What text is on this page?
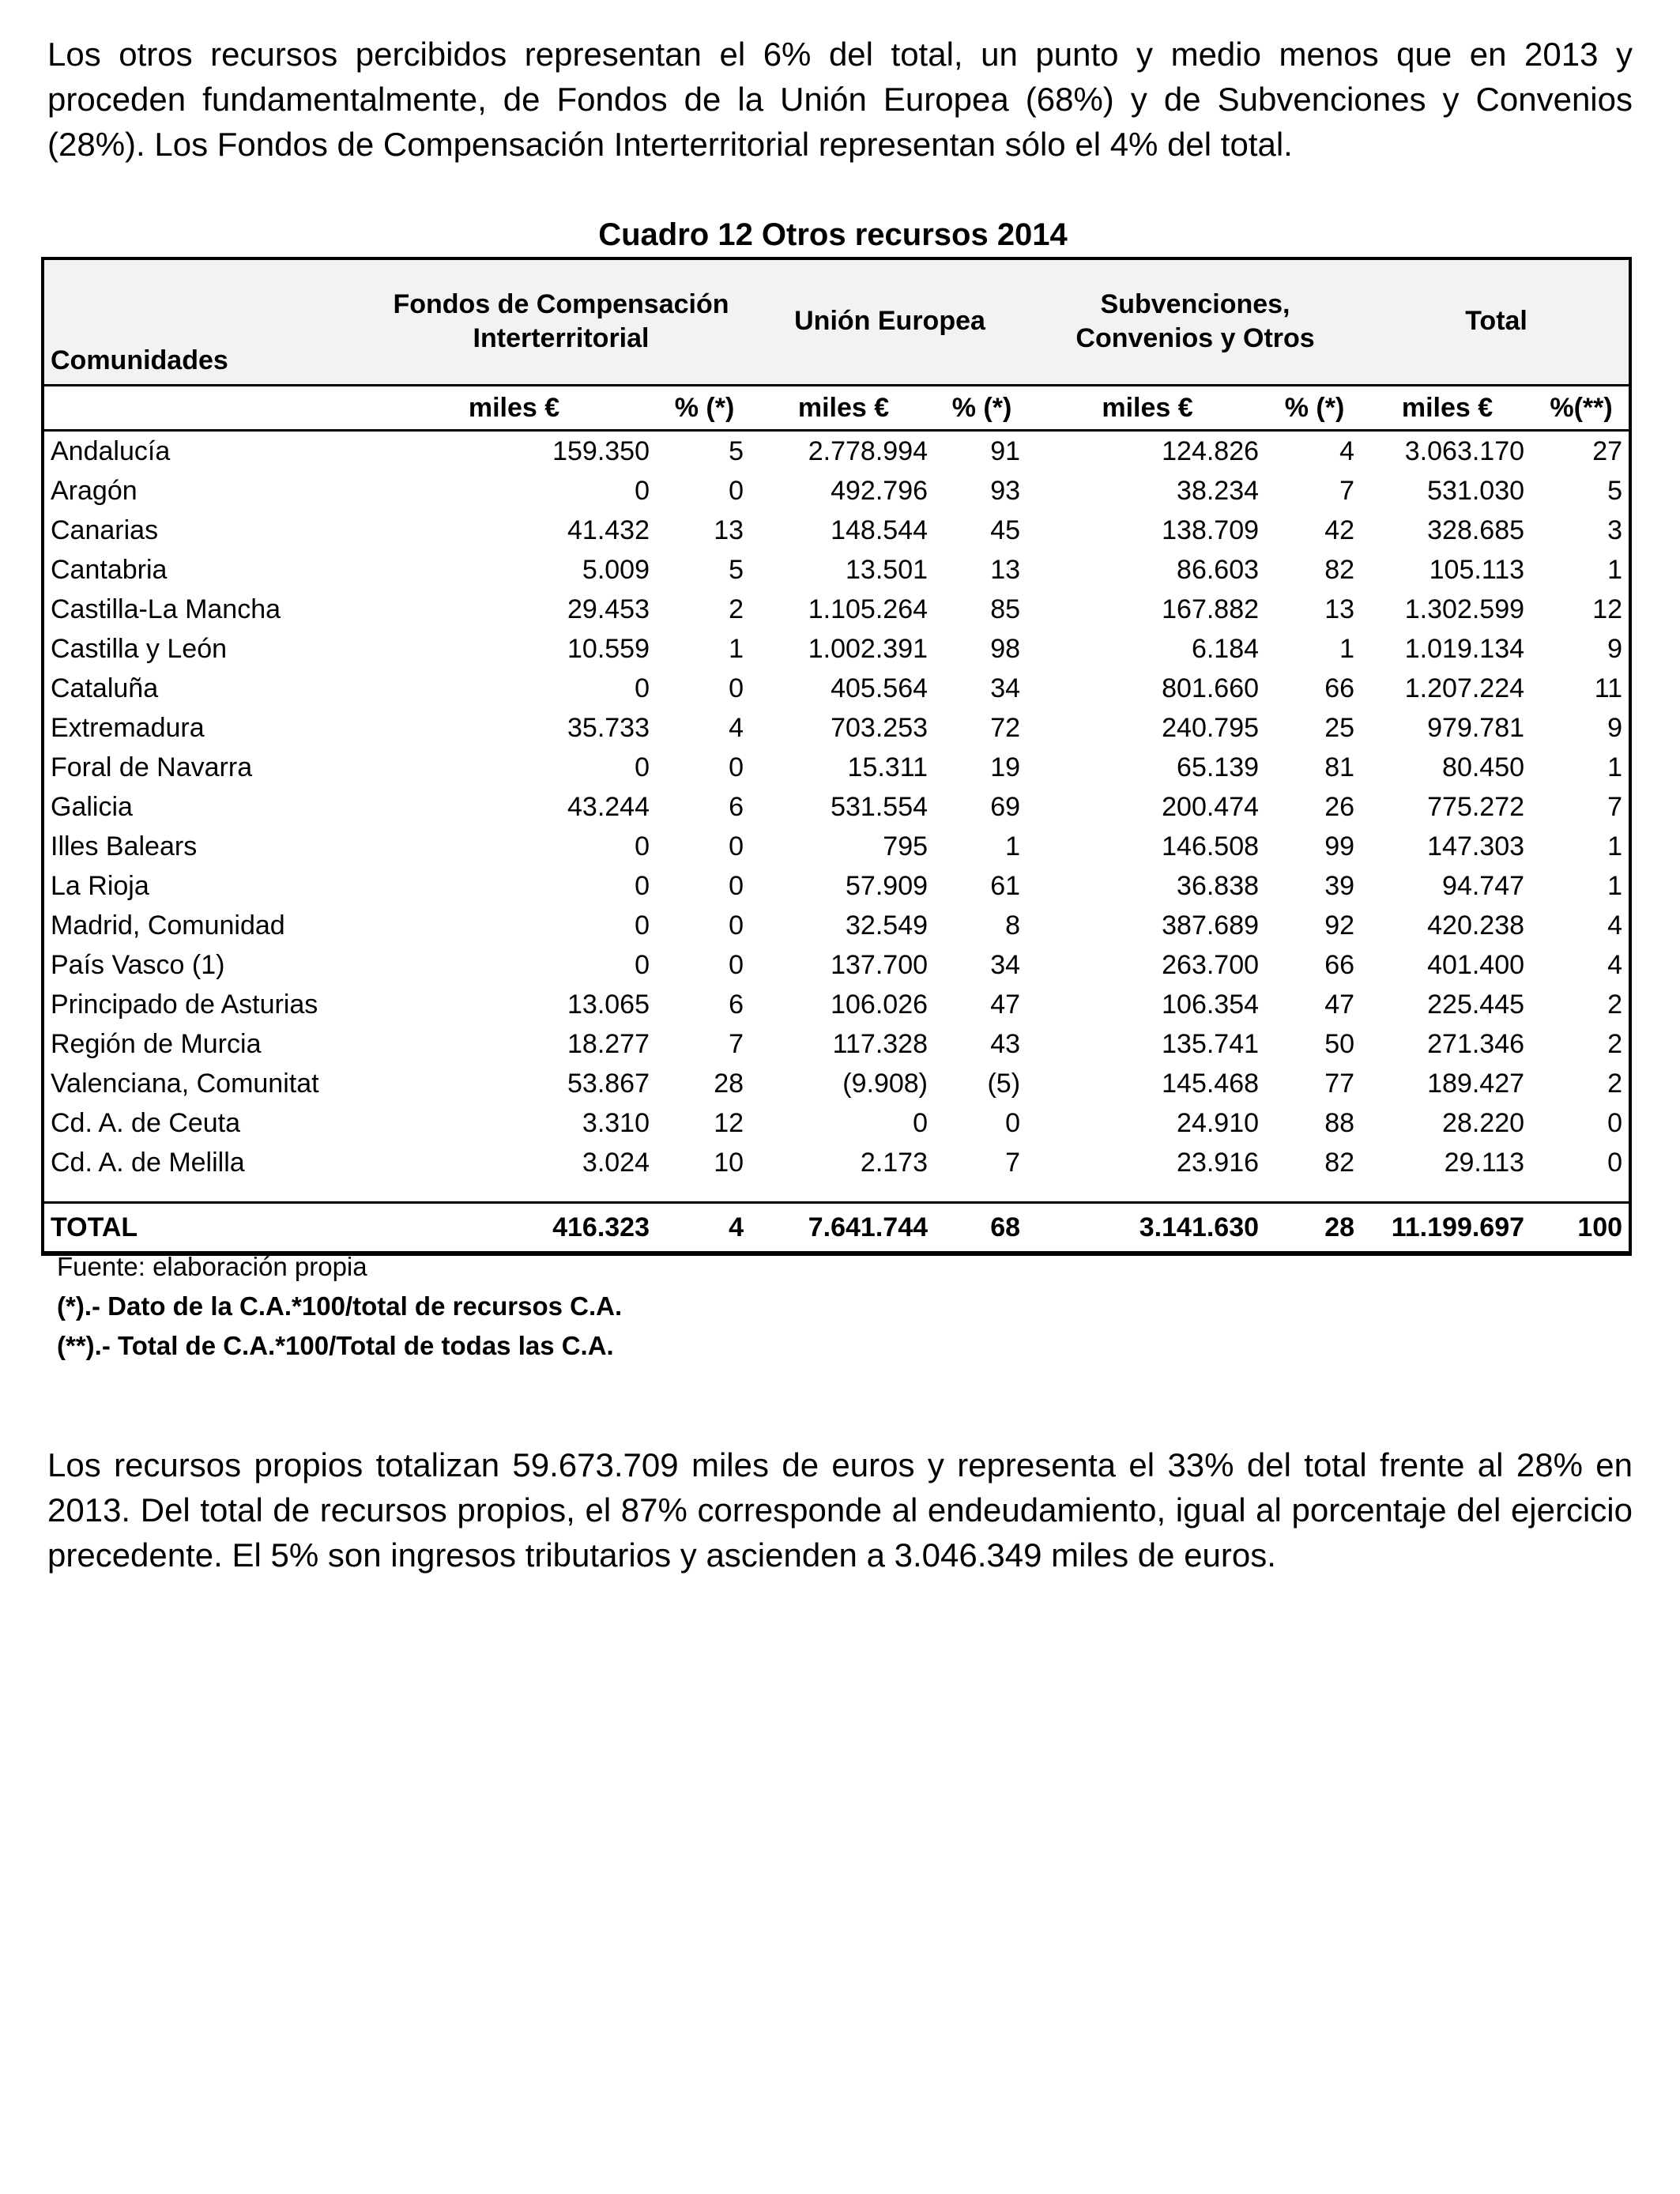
Los otros recursos percibidos representan el 6% del total, un punto y medio menos que en 2013 y proceden fundamentalmente, de Fondos de la Unión Europea (68%) y de Subvenciones y Convenios (28%). Los Fondos de Compensación Interterritorial representan sólo el 4% del total.

Cuadro 12 Otros recursos 2014
Comunidades	Fondos de Compensación Interterritorial		Unión Europea		Subvenciones, Convenios y Otros		Total	
	miles €	% (*)	miles €	% (*)	miles €	% (*)	miles €	%(**)
Andalucía	159.350	5	2.778.994	91	124.826	4	3.063.170	27
Aragón	0	0	492.796	93	38.234	7	531.030	5
Canarias	41.432	13	148.544	45	138.709	42	328.685	3
Cantabria	5.009	5	13.501	13	86.603	82	105.113	1
Castilla-La Mancha	29.453	2	1.105.264	85	167.882	13	1.302.599	12
Castilla y León	10.559	1	1.002.391	98	6.184	1	1.019.134	9
Cataluña	0	0	405.564	34	801.660	66	1.207.224	11
Extremadura	35.733	4	703.253	72	240.795	25	979.781	9
Foral de Navarra	0	0	15.311	19	65.139	81	80.450	1
Galicia	43.244	6	531.554	69	200.474	26	775.272	7
Illes Balears	0	0	795	1	146.508	99	147.303	1
La Rioja	0	0	57.909	61	36.838	39	94.747	1
Madrid, Comunidad	0	0	32.549	8	387.689	92	420.238	4
País Vasco (1)	0	0	137.700	34	263.700	66	401.400	4
Principado de Asturias	13.065	6	106.026	47	106.354	47	225.445	2
Región de Murcia	18.277	7	117.328	43	135.741	50	271.346	2
Valenciana, Comunitat	53.867	28	(9.908)	(5)	145.468	77	189.427	2
Cd. A. de Ceuta	3.310	12	0	0	24.910	88	28.220	0
Cd. A. de Melilla	3.024	10	2.173	7	23.916	82	29.113	0

TOTAL	416.323	4	7.641.744	68	3.141.630	28	11.199.697	100
Fuente: elaboración propia
(*).- Dato de la C.A.*100/total de recursos C.A.
(**).- Total de C.A.*100/Total de todas las C.A.

Los recursos propios totalizan 59.673.709 miles de euros y representa el 33% del total frente al 28% en 2013. Del total de recursos propios, el 87% corresponde al endeudamiento, igual al porcentaje del ejercicio precedente. El 5% son ingresos tributarios y ascienden a 3.046.349 miles de euros.
